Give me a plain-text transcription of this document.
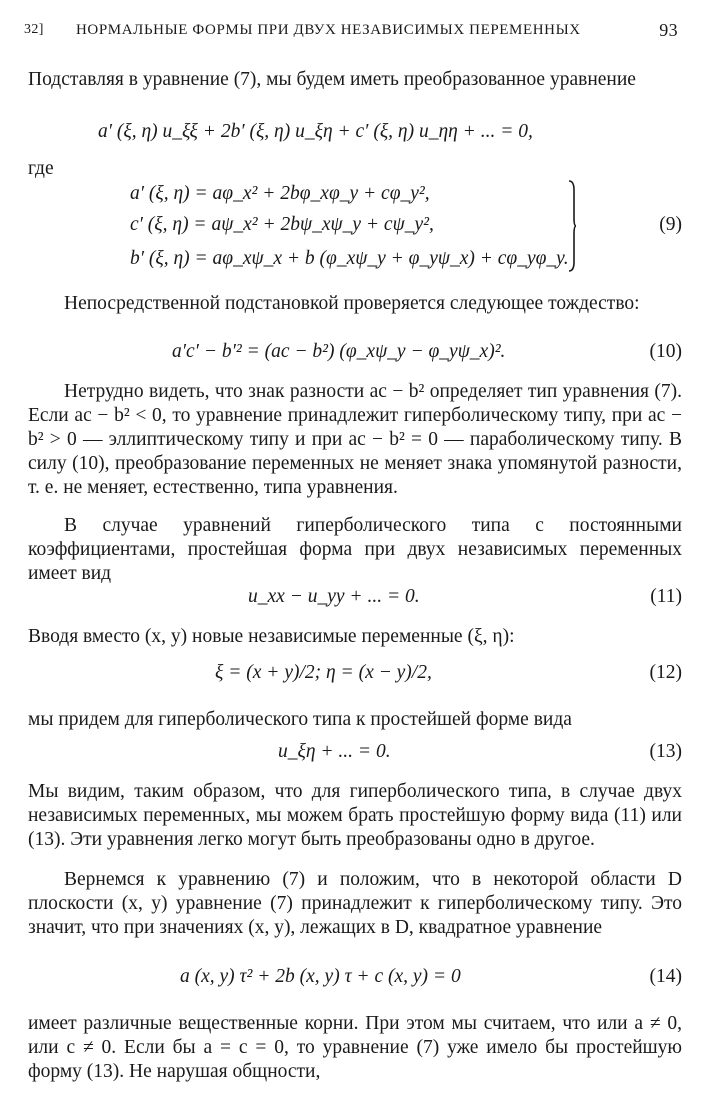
32] НОРМАЛЬНЫЕ ФОРМЫ ПРИ ДВУХ НЕЗАВИСИМЫХ ПЕРЕМЕННЫХ	93

Подставляя в уравнение (7), мы будем иметь преобразованное уравнение

a′ (ξ, η) u_ξξ + 2b′ (ξ, η) u_ξη + c′ (ξ, η) u_ηη + ... = 0,
где
a′ (ξ, η) = aφ_x² + 2bφ_xφ_y + cφ_y²,
c′ (ξ, η) = aψ_x² + 2bψ_xψ_y + cψ_y²,
b′ (ξ, η) = aφ_xψ_x + b (φ_xψ_y + φ_yψ_x) + cφ_yφ_y.
(9)

Непосредственной подстановкой проверяется следующее тождество:

a′c′ − b′² = (ac − b²) (φ_xψ_y − φ_yψ_x)².	(10)

Нетрудно видеть, что знак разности ac − b² определяет тип уравнения (7). Если ac − b² < 0, то уравнение принадлежит гиперболическому типу, при ac − b² > 0 — эллиптическому типу и при ac − b² = 0 — параболическому типу. В силу (10), преобразование переменных не меняет знака упомянутой разности, т. е. не меняет, естественно, типа уравнения.

В случае уравнений гиперболического типа с постоянными коэффициентами, простейшая форма при двух независимых переменных имеет вид

u_xx − u_yy + ... = 0.	(11)

Вводя вместо (x, y) новые независимые переменные (ξ, η):

ξ = (x + y)/2; η = (x − y)/2,	(12)

мы придем для гиперболического типа к простейшей форме вида

u_ξη + ... = 0.	(13)

Мы видим, таким образом, что для гиперболического типа, в случае двух независимых переменных, мы можем брать простейшую форму вида (11) или (13). Эти уравнения легко могут быть преобразованы одно в другое.

Вернемся к уравнению (7) и положим, что в некоторой области D плоскости (x, y) уравнение (7) принадлежит к гиперболическому типу. Это значит, что при значениях (x, y), лежащих в D, квадратное уравнение

a (x, y) τ² + 2b (x, y) τ + c (x, y) = 0	(14)

имеет различные вещественные корни. При этом мы считаем, что или a ≠ 0, или c ≠ 0. Если бы a = c = 0, то уравнение (7) уже имело бы простейшую форму (13). Не нарушая общности,
